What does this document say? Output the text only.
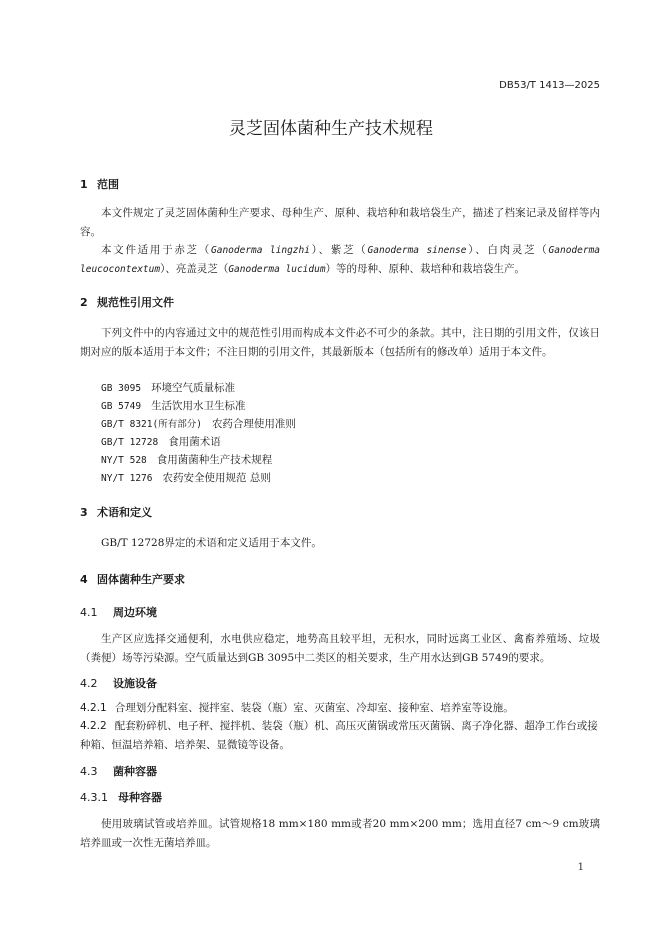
DB53/T 1413—2025
灵芝固体菌种生产技术规程
1 范围
本文件规定了灵芝固体菌种生产要求、母种生产、原种、栽培种和栽培袋生产，描述了档案记录及留样等内容。
本文件适用于赤芝（Ganoderma lingzhi）、紫芝（Ganoderma sinense）、白肉灵芝（Ganoderma leucocontextum）、亮盖灵芝（Ganoderma lucidum）等的母种、原种、栽培种和栽培袋生产。
2 规范性引用文件
下列文件中的内容通过文中的规范性引用而构成本文件必不可少的条款。其中，注日期的引用文件，仅该日期对应的版本适用于本文件；不注日期的引用文件，其最新版本（包括所有的修改单）适用于本文件。
GB 3095 环境空气质量标准
GB 5749 生活饮用水卫生标准
GB/T 8321(所有部分) 农药合理使用准则
GB/T 12728 食用菌术语
NY/T 528 食用菌菌种生产技术规程
NY/T 1276 农药安全使用规范 总则
3 术语和定义
GB/T 12728界定的术语和定义适用于本文件。
4 固体菌种生产要求
4.1 周边环境
生产区应选择交通便利，水电供应稳定，地势高且较平坦，无积水，同时远离工业区、禽畜养殖场、垃圾（粪便）场等污染源。空气质量达到GB 3095中二类区的相关要求，生产用水达到GB 5749的要求。
4.2 设施设备
4.2.1 合理划分配料室、搅拌室、装袋（瓶）室、灭菌室、冷却室、接种室、培养室等设施。
4.2.2 配套粉碎机、电子秤、搅拌机、装袋（瓶）机、高压灭菌锅或常压灭菌锅、离子净化器、超净工作台或接种箱、恒温培养箱、培养架、显微镜等设备。
4.3 菌种容器
4.3.1 母种容器
使用玻璃试管或培养皿。试管规格18 mm×180 mm或者20 mm×200 mm；选用直径7 cm～9 cm玻璃培养皿或一次性无菌培养皿。
1
